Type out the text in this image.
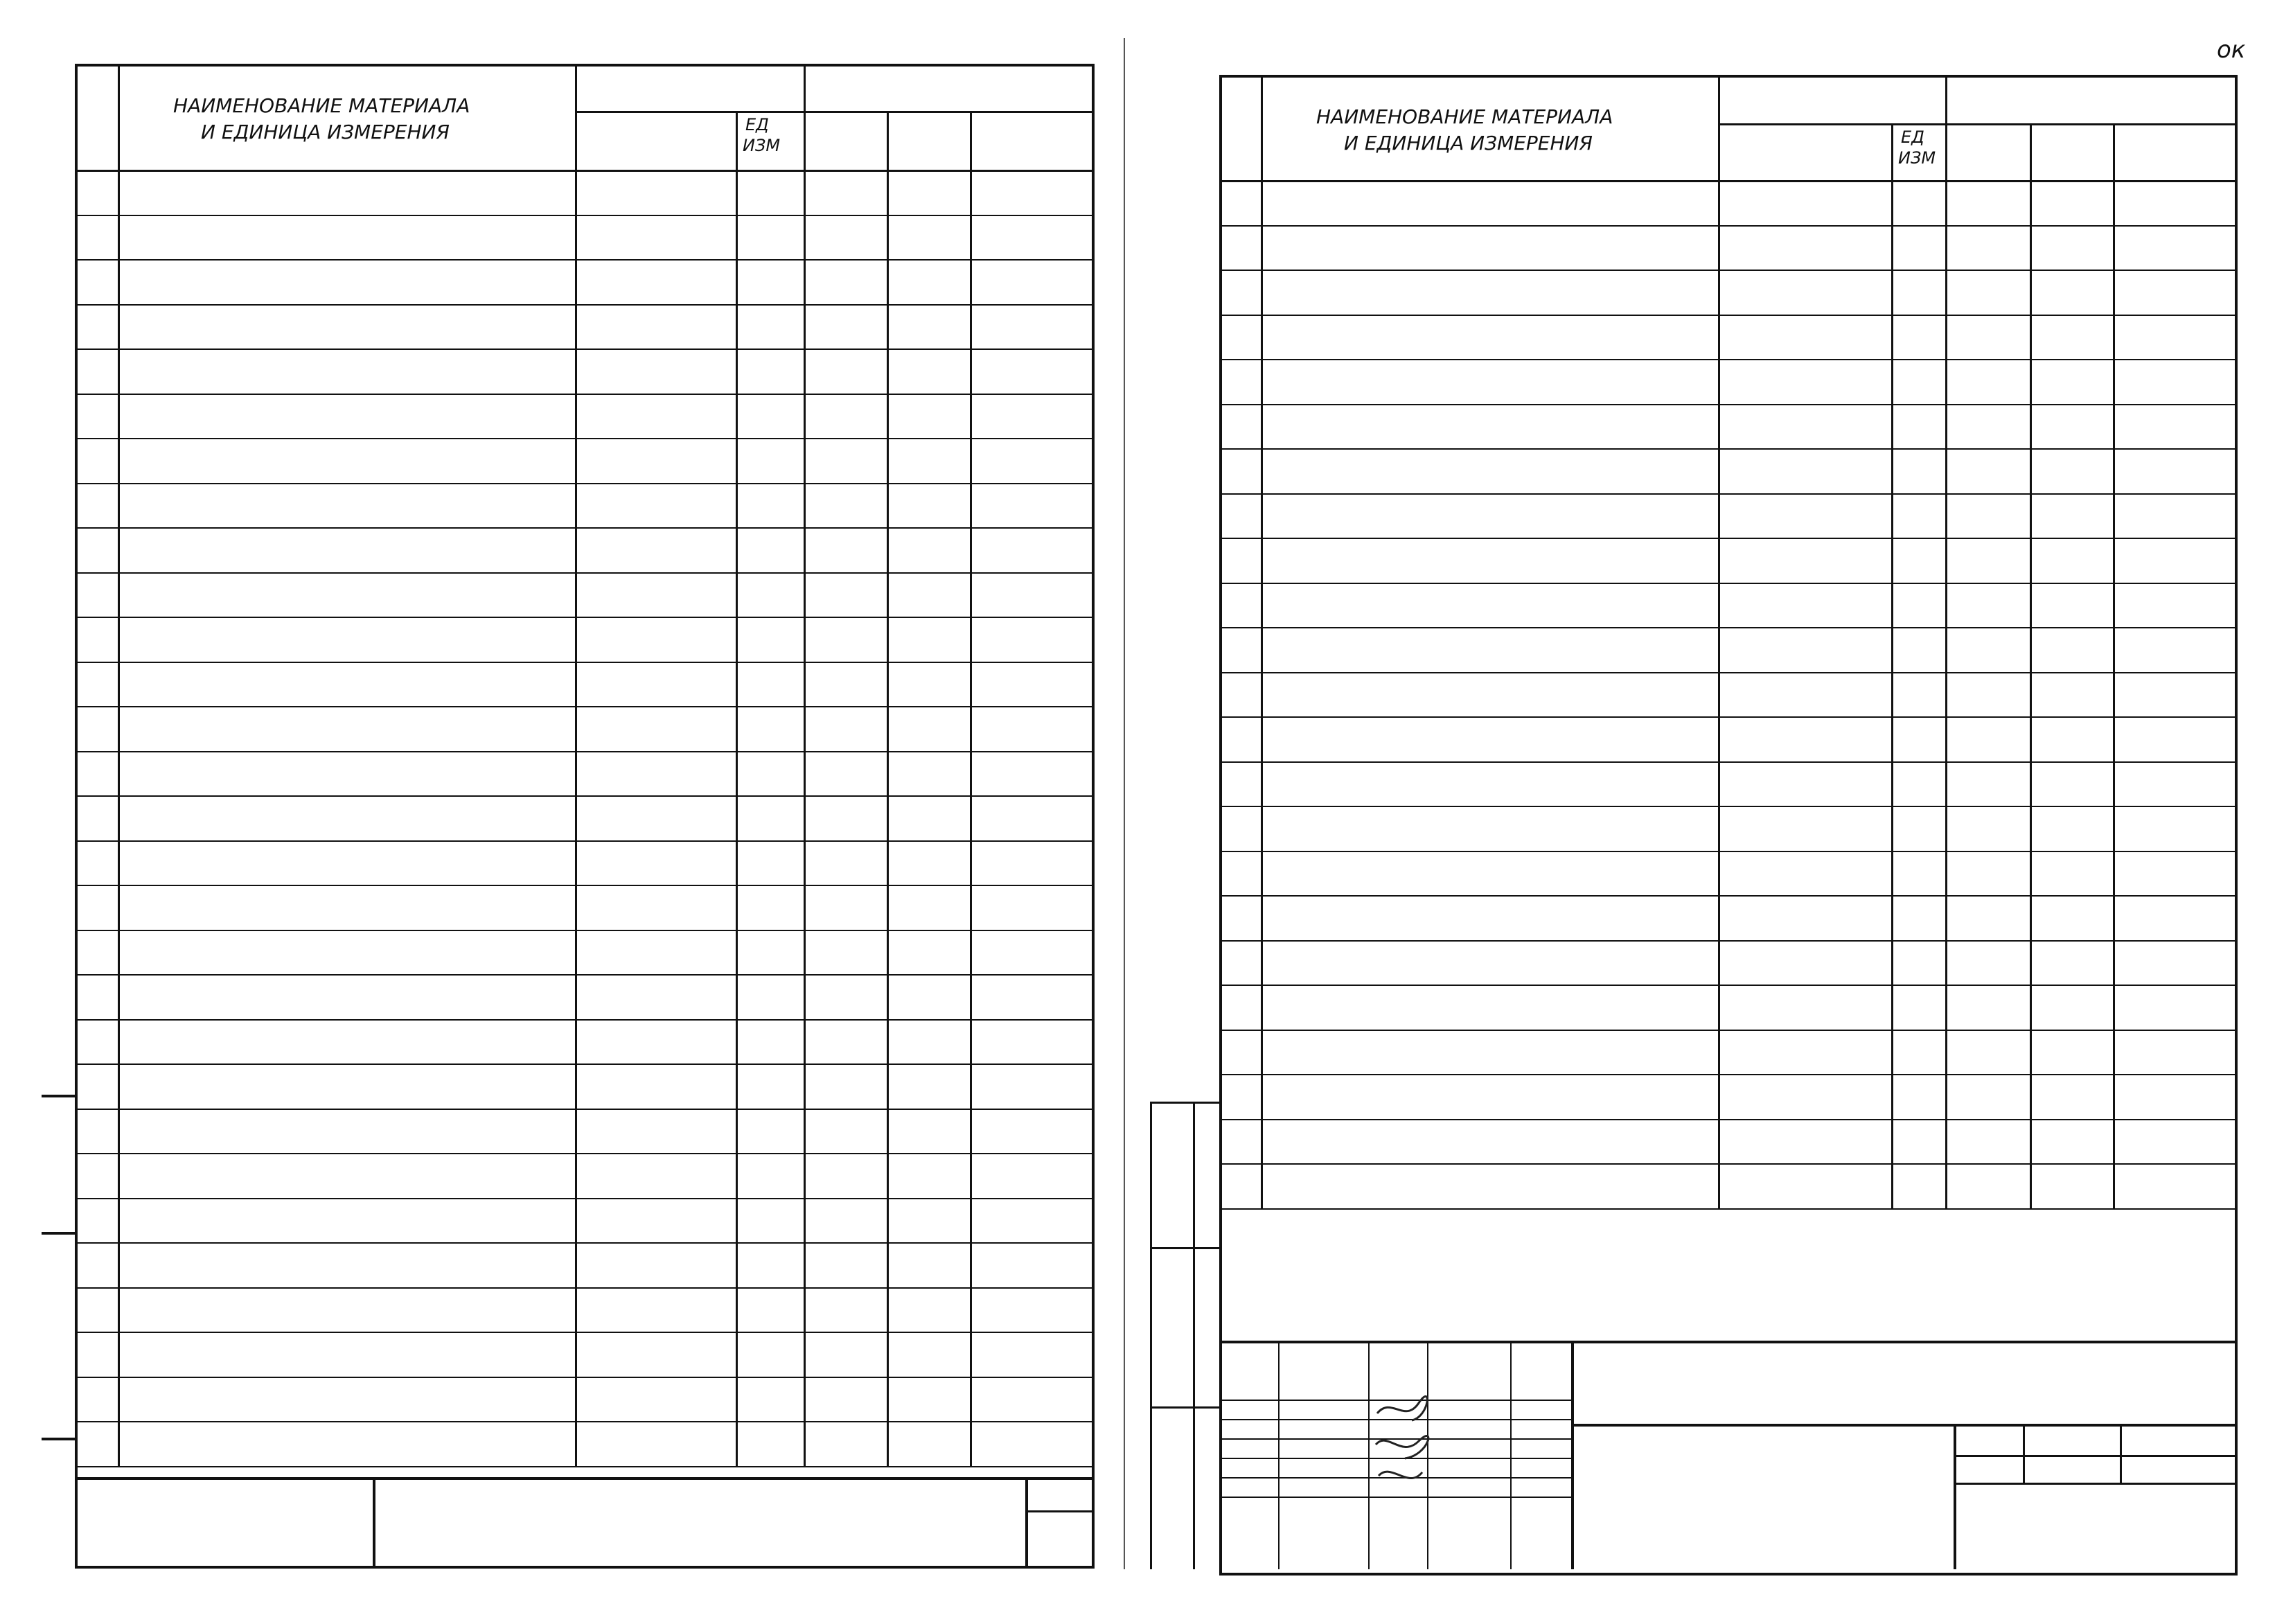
НАИМЕНОВАНИЕ МАТЕРИАЛА
И ЕДИНИЦА ИЗМЕРЕНИЯ	ЕД
ИЗМ
НАИМЕНОВАНИЕ МАТЕРИАЛА
И ЕДИНИЦА ИЗМЕРЕНИЯ	ЕД
ИЗМ
ок
